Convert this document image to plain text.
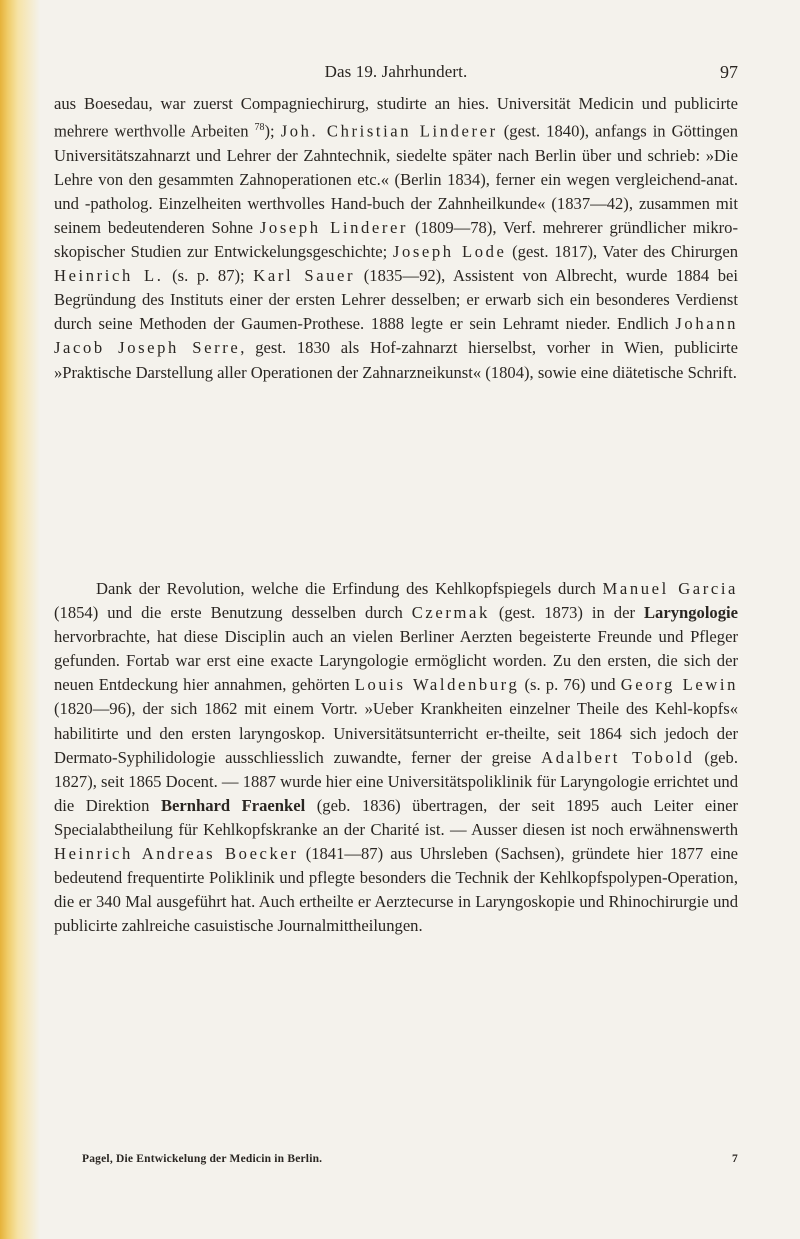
Das 19. Jahrhundert.	97

aus Boesedau, war zuerst Compagniechirurg, studirte an hies. Universität Medicin und publicirte mehrere werthvolle Arbeiten $^{78}$); Joh. Christian Linderer (gest. 1840), anfangs in Göttingen Universitätszahnarzt und Lehrer der Zahntechnik, siedelte später nach Berlin über und schrieb: »Die Lehre von den gesammten Zahnoperationen etc.« (Berlin 1834), ferner ein wegen vergleichend-anat. und -patholog. Einzelheiten werthvolles Hand-buch der Zahnheilkunde« (1837—42), zusammen mit seinem bedeutenderen Sohne Joseph Linderer (1809—78), Verf. mehrerer gründlicher mikro-skopischer Studien zur Entwickelungsgeschichte; Joseph Lode (gest. 1817), Vater des Chirurgen Heinrich L. (s. p. 87); Karl Sauer (1835—92), Assistent von Albrecht, wurde 1884 bei Begründung des Instituts einer der ersten Lehrer desselben; er erwarb sich ein besonderes Verdienst durch seine Methoden der Gaumen-Prothese. 1888 legte er sein Lehramt nieder. Endlich Johann Jacob Joseph Serre, gest. 1830 als Hof-zahnarzt hierselbst, vorher in Wien, publicirte »Praktische Darstellung aller Operationen der Zahnarzneikunst« (1804), sowie eine diätetische Schrift.

Dank der Revolution, welche die Erfindung des Kehlkopfspiegels durch Manuel Garcia (1854) und die erste Benutzung desselben durch Czermak (gest. 1873) in der Laryngologie hervorbrachte, hat diese Disciplin auch an vielen Berliner Aerzten begeisterte Freunde und Pfleger gefunden. Fortab war erst eine exacte Laryngologie ermöglicht worden. Zu den ersten, die sich der neuen Entdeckung hier annahmen, gehörten Louis Waldenburg (s. p. 76) und Georg Lewin (1820—96), der sich 1862 mit einem Vortr. »Ueber Krankheiten einzelner Theile des Kehl-kopfs« habilitirte und den ersten laryngoskop. Universitätsunterricht er-theilte, seit 1864 sich jedoch der Dermato-Syphilidologie ausschliesslich zuwandte, ferner der greise Adalbert Tobold (geb. 1827), seit 1865 Docent. — 1887 wurde hier eine Universitätspoliklinik für Laryngologie errichtet und die Direktion Bernhard Fraenkel (geb. 1836) übertragen, der seit 1895 auch Leiter einer Specialabtheilung für Kehlkopfskranke an der Charité ist. — Ausser diesen ist noch erwähnenswerth Heinrich Andreas Boecker (1841—87) aus Uhrsleben (Sachsen), gründete hier 1877 eine bedeutend frequentirte Poliklinik und pflegte besonders die Technik der Kehlkopfspolypen-Operation, die er 340 Mal ausgeführt hat. Auch ertheilte er Aerztecurse in Laryngoskopie und Rhinochirurgie und publicirte zahlreiche casuistische Journalmittheilungen.

Pagel, Die Entwickelung der Medicin in Berlin.	7
